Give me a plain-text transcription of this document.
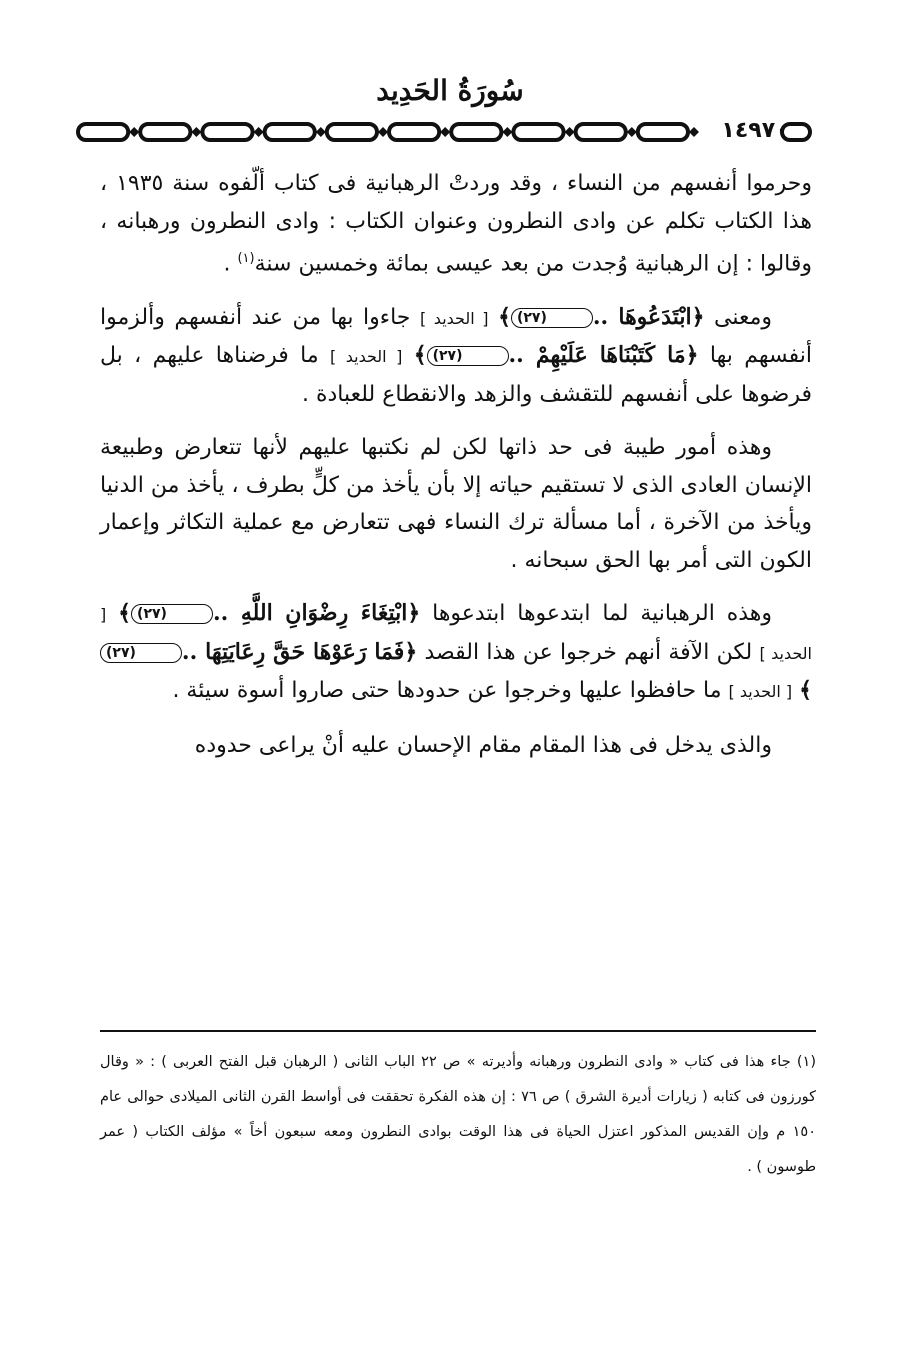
سُورَةُ الحَدِيد
١٤٩٧٠

وحرموا أنفسهم من النساء ، وقد وردتْ الرهبانية فى كتاب ألّفوه سنة ١٩٣٥ ، هذا الكتاب تكلم عن وادى النطرون وعنوان الكتاب : وادى النطرون ورهبانه ، وقالوا : إن الرهبانية وُجدت من بعد عيسى بمائة وخمسين سنة$^{(١)}$ .

ومعنى ﴿ابْتَدَعُوهَا ..(٢٧)﴾ [ الحديد ] جاءوا بها من عند أنفسهم وألزموا أنفسهم بها ﴿مَا كَتَبْنَاهَا عَلَيْهِمْ ..(٢٧)﴾ [ الحديد ] ما فرضناها عليهم ، بل فرضوها على أنفسهم للتقشف والزهد والانقطاع للعبادة .

وهذه أمور طيبة فى حد ذاتها لكن لم نكتبها عليهم لأنها تتعارض وطبيعة الإنسان العادى الذى لا تستقيم حياته إلا بأن يأخذ من كلٍّ بطرف ، يأخذ من الدنيا ويأخذ من الآخرة ، أما مسألة ترك النساء فهى تتعارض مع عملية التكاثر وإعمار الكون التى أمر بها الحق سبحانه .

وهذه الرهبانية لما ابتدعوها ابتدعوها ﴿ابْتِغَاءَ رِضْوَانِ اللَّهِ ..(٢٧)﴾ [ الحديد ] لكن الآفة أنهم خرجوا عن هذا القصد ﴿فَمَا رَعَوْهَا حَقَّ رِعَايَتِهَا ..(٢٧)﴾ [ الحديد ] ما حافظوا عليها وخرجوا عن حدودها حتى صاروا أسوة سيئة .

والذى يدخل فى هذا المقام مقام الإحسان عليه أنْ يراعى حدوده

(١) جاء هذا فى كتاب « وادى النطرون ورهبانه وأديرته » ص ٢٢ الباب الثانى ( الرهبان قبل الفتح العربى ) : « وقال كورزون فى كتابه ( زيارات أديرة الشرق ) ص ٧٦ : إن هذه الفكرة تحققت فى أواسط القرن الثانى الميلادى حوالى عام ١٥٠ م وإن القديس المذكور اعتزل الحياة فى هذا الوقت بوادى النطرون ومعه سبعون أخاً » مؤلف الكتاب ( عمر طوسون ) .
